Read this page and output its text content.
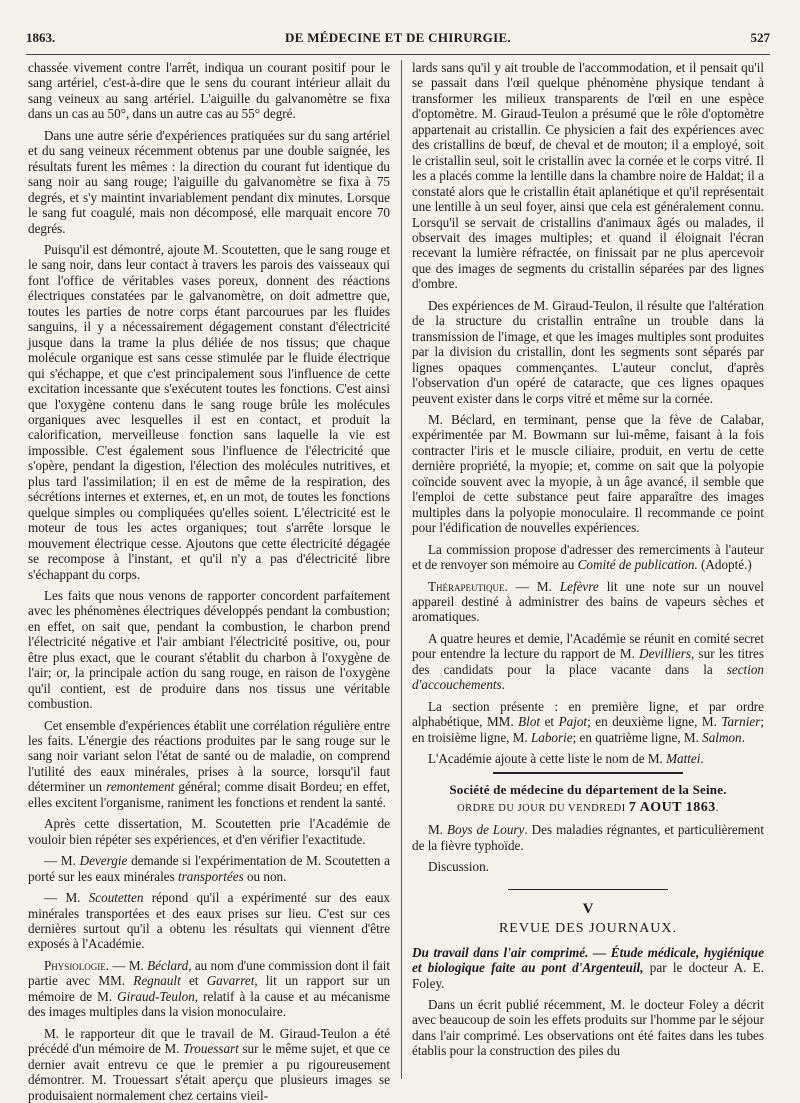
1863.	DE MÉDECINE ET DE CHIRURGIE.	527

chassée vivement contre l'arrêt, indiqua un courant positif pour le sang artériel, c'est-à-dire que le sens du courant intérieur allait du sang veineux au sang artériel. L'aiguille du galvanomètre se fixa dans un cas au 50°, dans un autre cas au 55° degré.

Dans une autre série d'expériences pratiquées sur du sang artériel et du sang veineux récemment obtenus par une double saignée, les résultats furent les mêmes : la direction du courant fut identique du sang noir au sang rouge; l'aiguille du galvanomètre se fixa à 75 degrés, et s'y maintint invariablement pendant dix minutes. Lorsque le sang fut coagulé, mais non décomposé, elle marquait encore 70 degrés.

Puisqu'il est démontré, ajoute M. Scoutetten, que le sang rouge et le sang noir, dans leur contact à travers les parois des vaisseaux qui font l'office de véritables vases poreux, donnent des réactions électriques constatées par le galvanomètre, on doit admettre que, toutes les parties de notre corps étant parcourues par les fluides sanguins, il y a nécessairement dégagement constant d'électricité jusque dans la trame la plus déliée de nos tissus; que chaque molécule organique est sans cesse stimulée par le fluide électrique qui s'échappe, et que c'est principalement sous l'influence de cette excitation incessante que s'exécutent toutes les fonctions. C'est ainsi que l'oxygène contenu dans le sang rouge brûle les molécules organiques avec lesquelles il est en contact, et produit la calorification, merveilleuse fonction sans laquelle la vie est impossible. C'est également sous l'influence de l'électricité que s'opère, pendant la digestion, l'élection des molécules nutritives, et plus tard l'assimilation; il en est de même de la respiration, des sécrétions internes et externes, et, en un mot, de toutes les fonctions quelque simples ou compliquées qu'elles soient. L'électricité est le moteur de tous les actes organiques; tout s'arrête lorsque le mouvement électrique cesse. Ajoutons que cette électricité dégagée se recompose à l'instant, et qu'il n'y a pas d'électricité libre s'échappant du corps.

Les faits que nous venons de rapporter concordent parfaitement avec les phénomènes électriques développés pendant la combustion; en effet, on sait que, pendant la combustion, le charbon prend l'électricité négative et l'air ambiant l'électricité positive, ou, pour être plus exact, que le courant s'établit du charbon à l'oxygène de l'air; or, la principale action du sang rouge, en raison de l'oxygène qu'il contient, est de produire dans nos tissus une véritable combustion.

Cet ensemble d'expériences établit une corrélation régulière entre les faits. L'énergie des réactions produites par le sang rouge sur le sang noir variant selon l'état de santé ou de maladie, on comprend l'utilité des eaux minérales, prises à la source, lorsqu'il faut déterminer un remontement général; comme disait Bordeu; en effet, elles excitent l'organisme, raniment les fonctions et rendent la santé.

Après cette dissertation, M. Scoutetten prie l'Académie de vouloir bien répéter ses expériences, et d'en vérifier l'exactitude.

— M. Devergie demande si l'expérimentation de M. Scoutetten a porté sur les eaux minérales transportées ou non.

— M. Scoutetten répond qu'il a expérimenté sur des eaux minérales transportées et des eaux prises sur lieu. C'est sur ces dernières surtout qu'il a obtenu les résultats qui viennent d'être exposés à l'Académie.

Physiologie. — M. Béclard, au nom d'une commission dont il fait partie avec MM. Regnault et Gavarret, lit un rapport sur un mémoire de M. Giraud-Teulon, relatif à la cause et au mécanisme des images multiples dans la vision monoculaire.

M. le rapporteur dit que le travail de M. Giraud-Teulon a été précédé d'un mémoire de M. Trouessart sur le même sujet, et que ce dernier avait entrevu ce que le premier a pu rigoureusement démontrer. M. Trouessart s'était aperçu que plusieurs images se produisaient normalement chez certains vieil-

lards sans qu'il y ait trouble de l'accommodation, et il pensait qu'il se passait dans l'œil quelque phénomène physique tendant à transformer les milieux transparents de l'œil en une espèce d'optomètre. M. Giraud-Teulon a présumé que le rôle d'optomètre appartenait au cristallin. Ce physicien a fait des expériences avec des cristallins de bœuf, de cheval et de mouton; il a employé, soit le cristallin seul, soit le cristallin avec la cornée et le corps vitré. Il les a placés comme la lentille dans la chambre noire de Haldat; il a constaté alors que le cristallin était aplanétique et qu'il représentait une lentille à un seul foyer, ainsi que cela est généralement connu. Lorsqu'il se servait de cristallins d'animaux âgés ou malades, il observait des images multiples; et quand il éloignait l'écran recevant la lumière réfractée, on finissait par ne plus apercevoir que des images de segments du cristallin séparées par des lignes d'ombre.

Des expériences de M. Giraud-Teulon, il résulte que l'altération de la structure du cristallin entraîne un trouble dans la transmission de l'image, et que les images multiples sont produites par la division du cristallin, dont les segments sont séparés par lignes opaques commençantes. L'auteur conclut, d'après l'observation d'un opéré de cataracte, que ces lignes opaques peuvent exister dans le corps vitré et même sur la cornée.

M. Béclard, en terminant, pense que la fève de Calabar, expérimentée par M. Bowmann sur lui-même, faisant à la fois contracter l'iris et le muscle ciliaire, produit, en vertu de cette dernière propriété, la myopie; et, comme on sait que la polyopie coïncide souvent avec la myopie, à un âge avancé, il semble que l'emploi de cette substance peut faire apparaître des images multiples dans la polyopie monoculaire. Il recommande ce point pour l'édification de nouvelles expériences.

La commission propose d'adresser des remerciments à l'auteur et de renvoyer son mémoire au Comité de publication. (Adopté.)

Thérapeutique. — M. Lefèvre lit une note sur un nouvel appareil destiné à administrer des bains de vapeurs sèches et aromatiques.

A quatre heures et demie, l'Académie se réunit en comité secret pour entendre la lecture du rapport de M. Devilliers, sur les titres des candidats pour la place vacante dans la section d'accouchements.

La section présente : en première ligne, et par ordre alphabétique, MM. Blot et Pajot; en deuxième ligne, M. Tarnier; en troisième ligne, M. Laborie; en quatrième ligne, M. Salmon.

L'Académie ajoute à cette liste le nom de M. Mattei.

Société de médecine du département de la Seine.
ORDRE DU JOUR DU VENDREDI 7 AOUT 1863.

M. Boys de Loury. Des maladies régnantes, et particulièrement de la fièvre typhoïde.

Discussion.

V
REVUE DES JOURNAUX.

Du travail dans l'air comprimé. — Étude médicale, hygiénique et biologique faite au pont d'Argenteuil, par le docteur A. E. Foley.

Dans un écrit publié récemment, M. le docteur Foley a décrit avec beaucoup de soin les effets produits sur l'homme par le séjour dans l'air comprimé. Les observations ont été faites dans les tubes établis pour la construction des piles du
